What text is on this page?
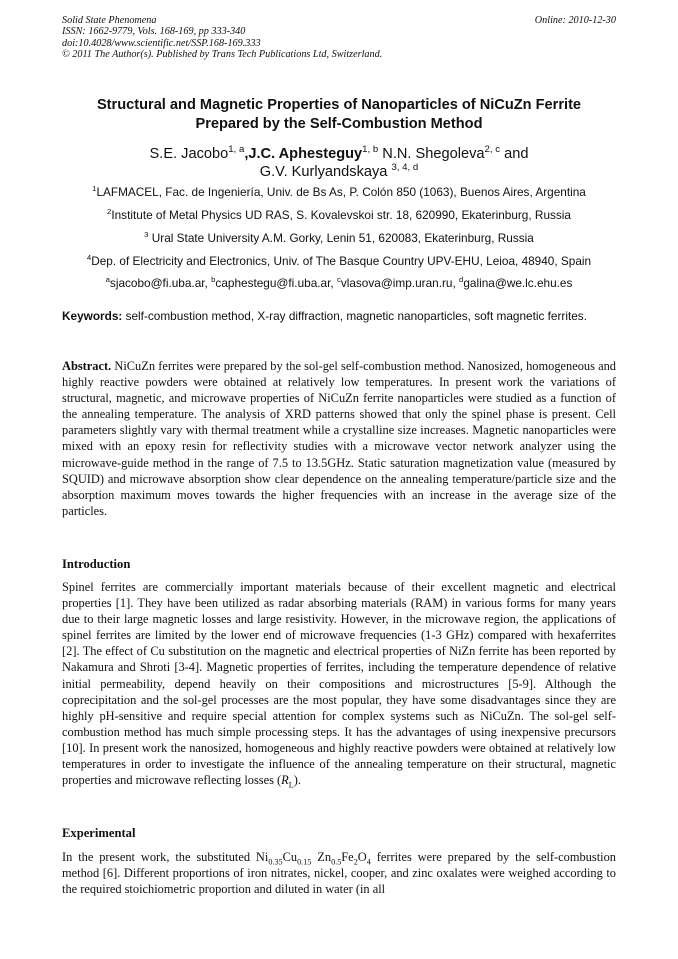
Solid State Phenomena
ISSN: 1662-9779, Vols. 168-169, pp 333-340
doi:10.4028/www.scientific.net/SSP.168-169.333
© 2011 The Author(s). Published by Trans Tech Publications Ltd, Switzerland.
Online: 2010-12-30
Structural and Magnetic Properties of Nanoparticles of NiCuZn Ferrite
Prepared by the Self-Combustion Method
S.E. Jacobo$^{1, a}$,J.C. Aphesteguy$^{1, b}$ N.N. Shegoleva$^{2, c}$ and
G.V. Kurlyandskaya $^{3, 4, d}$
$^1$LAFMACEL, Fac. de Ingeniería, Univ. de Bs As, P. Colón 850 (1063), Buenos Aires, Argentina
$^2$Institute of Metal Physics UD RAS, S. Kovalevskoi str. 18, 620990, Ekaterinburg, Russia
$^3$ Ural State University A.M. Gorky, Lenin 51, 620083, Ekaterinburg, Russia
$^4$Dep. of Electricity and Electronics, Univ. of The Basque Country UPV-EHU, Leioa, 48940, Spain
$^a$sjacobo@fi.uba.ar, $^b$caphestegu@fi.uba.ar, $^c$vlasova@imp.uran.ru, $^d$galina@we.lc.ehu.es
Keywords: self-combustion method, X-ray diffraction, magnetic nanoparticles, soft magnetic ferrites.
Abstract. NiCuZn ferrites were prepared by the sol-gel self-combustion method. Nanosized, homogeneous and highly reactive powders were obtained at relatively low temperatures. In present work the variations of structural, magnetic, and microwave properties of NiCuZn ferrite nanoparticles were studied as a function of the annealing temperature. The analysis of XRD patterns showed that only the spinel phase is present. Cell parameters slightly vary with thermal treatment while a crystalline size increases. Magnetic nanoparticles were mixed with an epoxy resin for reflectivity studies with a microwave vector network analyzer using the microwave-guide method in the range of 7.5 to 13.5GHz. Static saturation magnetization value (measured by SQUID) and microwave absorption show clear dependence on the annealing temperature/particle size and the absorption maximum moves towards the higher frequencies with an increase in the average size of the particles.
Introduction
Spinel ferrites are commercially important materials because of their excellent magnetic and electrical properties [1]. They have been utilized as radar absorbing materials (RAM) in various forms for many years due to their large magnetic losses and large resistivity. However, in the microwave region, the applications of spinel ferrites are limited by the lower end of microwave frequencies (1-3 GHz) compared with hexaferrites [2]. The effect of Cu substitution on the magnetic and electrical properties of NiZn ferrite has been reported by Nakamura and Shroti [3-4]. Magnetic properties of ferrites, including the temperature dependence of relative initial permeability, depend heavily on their compositions and microstructures [5-9]. Although the coprecipitation and the sol-gel processes are the most popular, they have some disadvantages since they are highly pH-sensitive and require special attention for complex systems such as NiCuZn. The sol-gel self-combustion method has much simple processing steps. It has the advantages of using inexpensive precursors [10]. In present work the nanosized, homogeneous and highly reactive powders were obtained at relatively low temperatures in order to investigate the influence of the annealing temperature on their structural, magnetic properties and microwave reflecting losses $(R_L)$.
Experimental
In the present work, the substituted $Ni_{0.35}Cu_{0.15}$ $Zn_{0.5}Fe_2O_4$ ferrites were prepared by the self-combustion method [6]. Different proportions of iron nitrates, nickel, cooper, and zinc oxalates were weighed according to the required stoichiometric proportion and diluted in water (in all
